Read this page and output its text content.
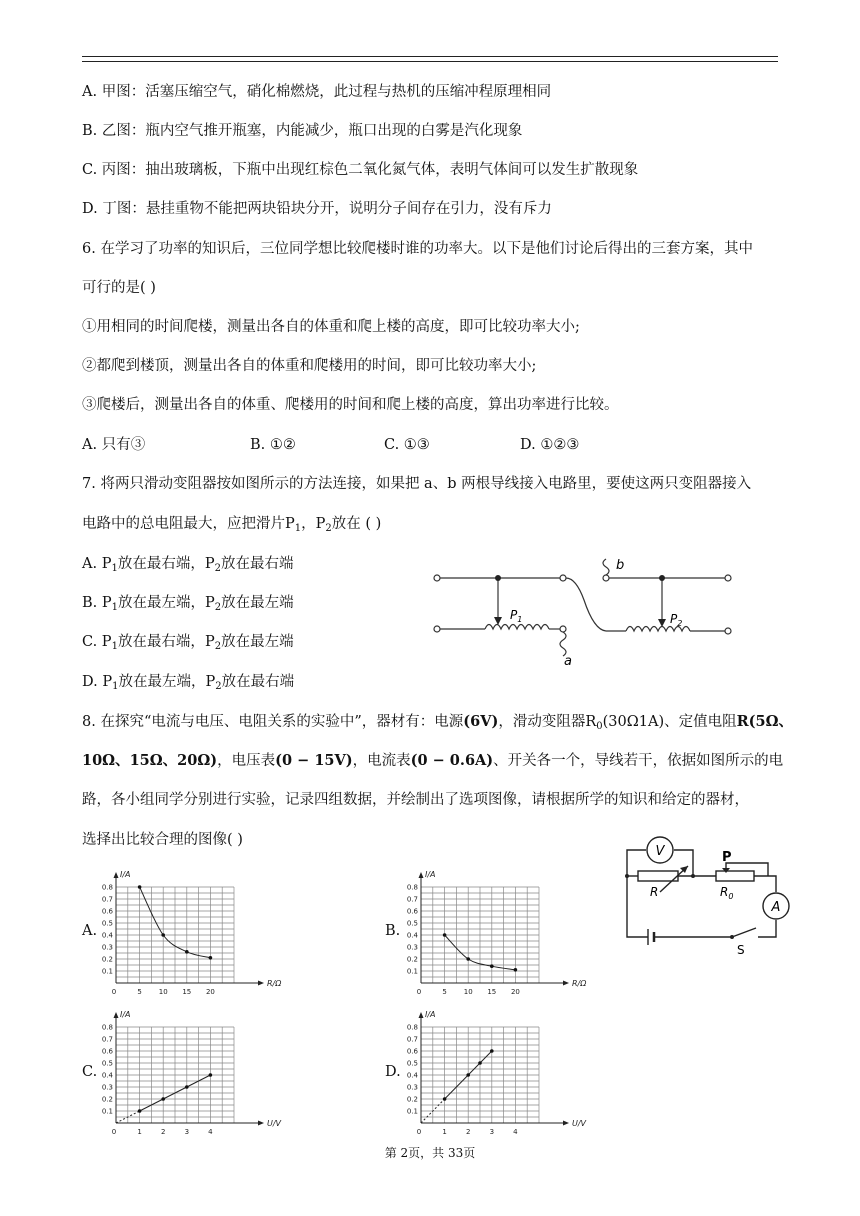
A. 甲图：活塞压缩空气，硝化棉燃烧，此过程与热机的压缩冲程原理相同
B. 乙图：瓶内空气推开瓶塞，内能减少，瓶口出现的白雾是汽化现象
C. 丙图：抽出玻璃板，下瓶中出现红棕色二氧化氮气体，表明气体间可以发生扩散现象
D. 丁图：悬挂重物不能把两块铅块分开，说明分子间存在引力，没有斥力
6. 在学习了功率的知识后，三位同学想比较爬楼时谁的功率大。以下是他们讨论后得出的三套方案，其中
可行的是( )
①用相同的时间爬楼，测量出各自的体重和爬上楼的高度，即可比较功率大小;
②都爬到楼顶，测量出各自的体重和爬楼用的时间，即可比较功率大小;
③爬楼后，测量出各自的体重、爬楼用的时间和爬上楼的高度，算出功率进行比较。
A. 只有③	B. ①②	C. ①③	D. ①②③
7. 将两只滑动变阻器按如图所示的方法连接，如果把 a、b 两根导线接入电路里，要使这两只变阻器接入
电路中的总电阻最大，应把滑片$P_1$，$P_2$放在 ( )
A. $P_1$放在最右端，$P_2$放在最右端
B. $P_1$放在最左端，$P_2$放在最左端
C. $P_1$放在最右端，$P_2$放在最左端
D. $P_1$放在最左端，$P_2$放在最右端
$P_1$	$P_2$
a
b
8. 在探究“电流与电压、电阻关系的实验中”，器材有：电源(6V)，滑动变阻器$R_0(30\Omega 1A)$、定值电阻R(5Ω、
10Ω、15Ω、20Ω)，电压表(0 − 15V)，电流表(0 − 0.6A)、开关各一个，导线若干，依据如图所示的电
路，各小组同学分别进行实验，记录四组数据，并绘制出了选项图像，请根据所学的知识和给定的器材，
选择出比较合理的图像( )
V
A
P
R	$R_0$
S
A.	B.
C.	D.
0	5 10 15 20
0.1
0.2
0.3
0.4
0.5
0.6
0.7
0.8
R/Ω
I/A
0	5 10 15 20
0.1
0.2
0.3
0.4
0.5
0.6
0.7
0.8
R/Ω
I/A
0	1	2	3	4
0.1
0.2
0.3
0.4
0.5
0.6
0.7
0.8
U/V
I/A
0	1	2	3	4
0.1
0.2
0.3
0.4
0.5
0.6
0.7
0.8
U/V
I/A
第 2页，共 33页
